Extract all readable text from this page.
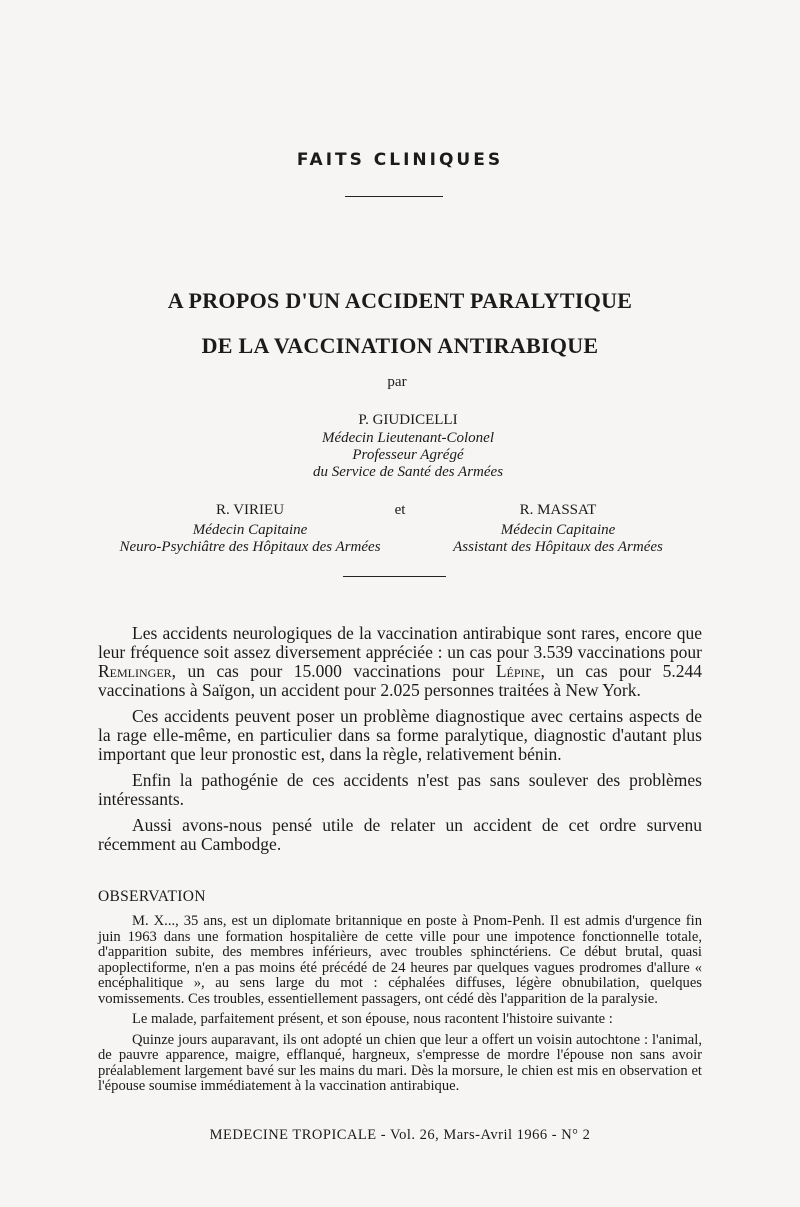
FAITS CLINIQUES
A PROPOS D'UN ACCIDENT PARALYTIQUE
DE LA VACCINATION ANTIRABIQUE
par
P. GIUDICELLI
Médecin Lieutenant-Colonel
Professeur Agrégé
du Service de Santé des Armées
R. VIRIEU
Médecin Capitaine
Neuro-Psychiâtre des Hôpitaux des Armées
et	R. MASSAT
Médecin Capitaine
Assistant des Hôpitaux des Armées

Les accidents neurologiques de la vaccination antirabique sont rares, encore que leur fréquence soit assez diversement appréciée : un cas pour 3.539 vaccinations pour Remlinger, un cas pour 15.000 vaccinations pour Lépine, un cas pour 5.244 vaccinations à Saïgon, un accident pour 2.025 personnes traitées à New York.

Ces accidents peuvent poser un problème diagnostique avec certains aspects de la rage elle-même, en particulier dans sa forme paralytique, diagnostic d'autant plus important que leur pronostic est, dans la règle, relativement bénin.

Enfin la pathogénie de ces accidents n'est pas sans soulever des problèmes intéressants.

Aussi avons-nous pensé utile de relater un accident de cet ordre survenu récemment au Cambodge.

OBSERVATION

M. X..., 35 ans, est un diplomate britannique en poste à Pnom-Penh. Il est admis d'urgence fin juin 1963 dans une formation hospitalière de cette ville pour une impotence fonctionnelle totale, d'apparition subite, des membres inférieurs, avec troubles sphinctériens. Ce début brutal, quasi apoplectiforme, n'en a pas moins été précédé de 24 heures par quelques vagues prodromes d'allure « encéphalitique », au sens large du mot : céphalées diffuses, légère obnubilation, quelques vomissements. Ces troubles, essentiellement passagers, ont cédé dès l'apparition de la paralysie.

Le malade, parfaitement présent, et son épouse, nous racontent l'histoire suivante :

Quinze jours auparavant, ils ont adopté un chien que leur a offert un voisin autochtone : l'animal, de pauvre apparence, maigre, efflanqué, hargneux, s'empresse de mordre l'épouse non sans avoir préalablement largement bavé sur les mains du mari. Dès la morsure, le chien est mis en observation et l'épouse soumise immédiatement à la vaccination antirabique.

MEDECINE TROPICALE - Vol. 26, Mars-Avril 1966 - N° 2
